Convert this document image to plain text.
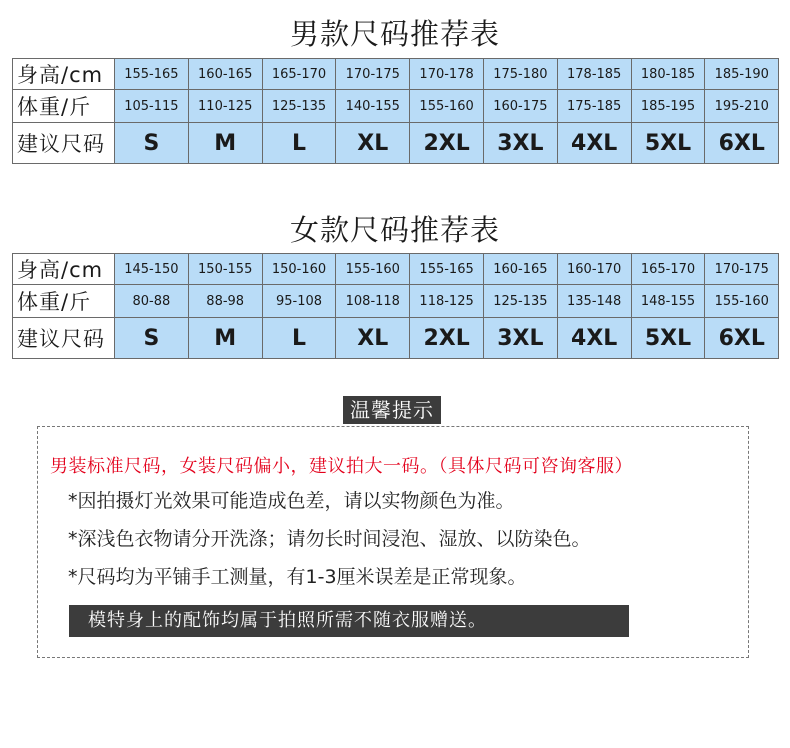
男款尺码推荐表
身高/cm	155-165	160-165	165-170	170-175	170-178	175-180	178-185	180-185	185-190
体重/斤	105-115	110-125	125-135	140-155	155-160	160-175	175-185	185-195	195-210
建议尺码	S	M	L	XL	2XL	3XL	4XL	5XL	6XL
女款尺码推荐表
身高/cm	145-150	150-155	150-160	155-160	155-165	160-165	160-170	165-170	170-175
体重/斤	80-88	88-98	95-108	108-118	118-125	125-135	135-148	148-155	155-160
建议尺码	S	M	L	XL	2XL	3XL	4XL	5XL	6XL
温馨提示
男装标准尺码，女装尺码偏小，建议拍大一码。（具体尺码可咨询客服）
*因拍摄灯光效果可能造成色差，请以实物颜色为准。
*深浅色衣物请分开洗涤；请勿长时间浸泡、湿放、以防染色。
*尺码均为平铺手工测量，有1-3厘米误差是正常现象。
模特身上的配饰均属于拍照所需不随衣服赠送。
